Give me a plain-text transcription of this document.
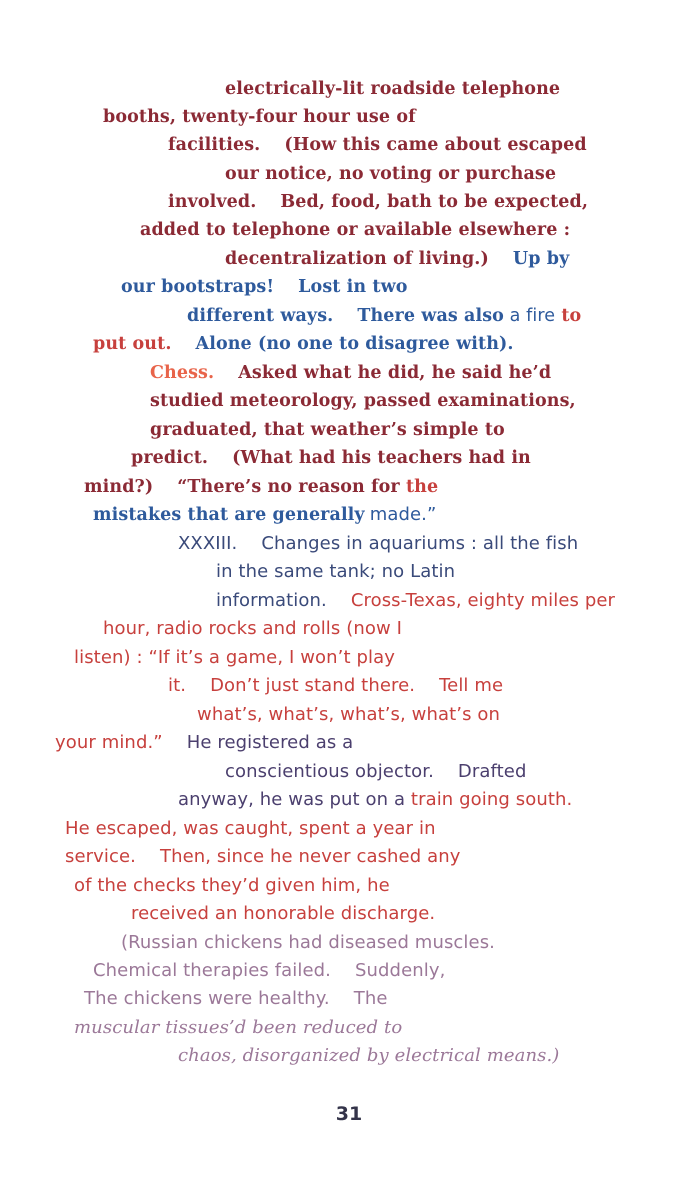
electrically-lit roadside telephone
booths, twenty-four hour use of
facilities. (How this came about escaped
our notice, no voting or purchase
involved. Bed, food, bath to be expected,
added to telephone or available elsewhere :
decentralization of living.) Up by
our bootstraps! Lost in two
different ways. There was also a fire to
put out. Alone (no one to disagree with).
Chess. Asked what he did, he said he’d
studied meteorology, passed examinations,
graduated, that weather’s simple to
predict. (What had his teachers had in
mind?) “There’s no reason for the
mistakes that are generally made.”
XXXIII. Changes in aquariums : all the fish
in the same tank; no Latin
information. Cross-Texas, eighty miles per
hour, radio rocks and rolls (now I
listen) : “If it’s a game, I won’t play
it. Don’t just stand there. Tell me
what’s, what’s, what’s, what’s on
your mind.” He registered as a
conscientious objector. Drafted
anyway, he was put on a train going south.
He escaped, was caught, spent a year in
service. Then, since he never cashed any
of the checks they’d given him, he
received an honorable discharge.
(Russian chickens had diseased muscles.
Chemical therapies failed. Suddenly,
The chickens were healthy. The
muscular tissues’d been reduced to
chaos, disorganized by electrical means.)
31
